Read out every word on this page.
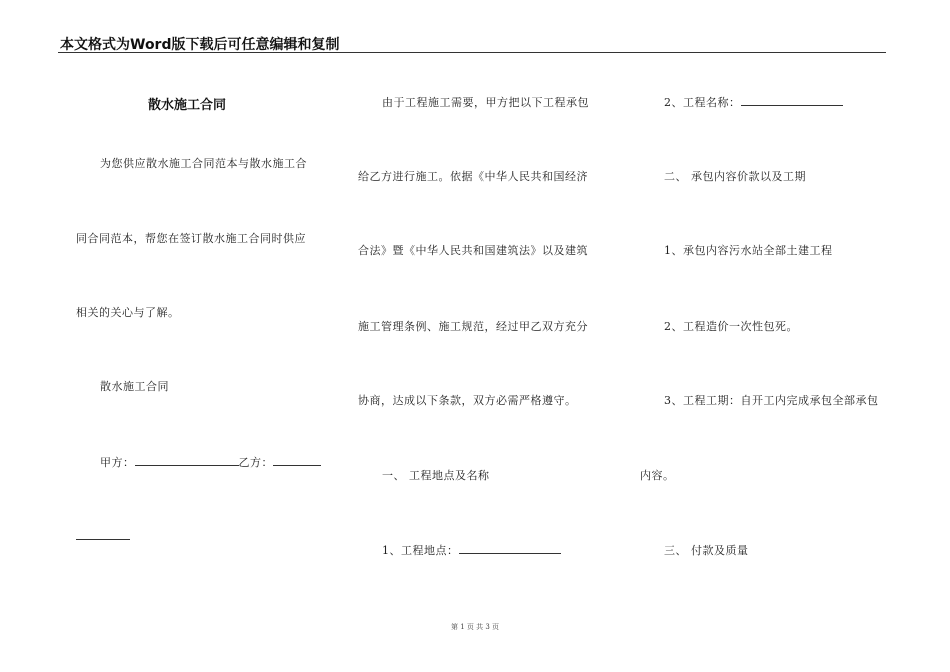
本文格式为Word版下载后可任意编辑和复制
散水施工合同
为您供应散水施工合同范本与散水施工合
同合同范本，帮您在签订散水施工合同时供应
相关的关心与了解。
散水施工合同
甲方：	乙方：
由于工程施工需要，甲方把以下工程承包
给乙方进行施工。依据《中华人民共和国经济
合法》暨《中华人民共和国建筑法》以及建筑
施工管理条例、施工规范，经过甲乙双方充分
协商，达成以下条款，双方必需严格遵守。
一、 工程地点及名称
1、工程地点：
2、工程名称：
二、 承包内容价款以及工期
1、承包内容污水站全部土建工程
2、工程造价一次性包死。
3、工程工期：自开工内完成承包全部承包
内容。
三、 付款及质量
第 1 页 共 3 页
